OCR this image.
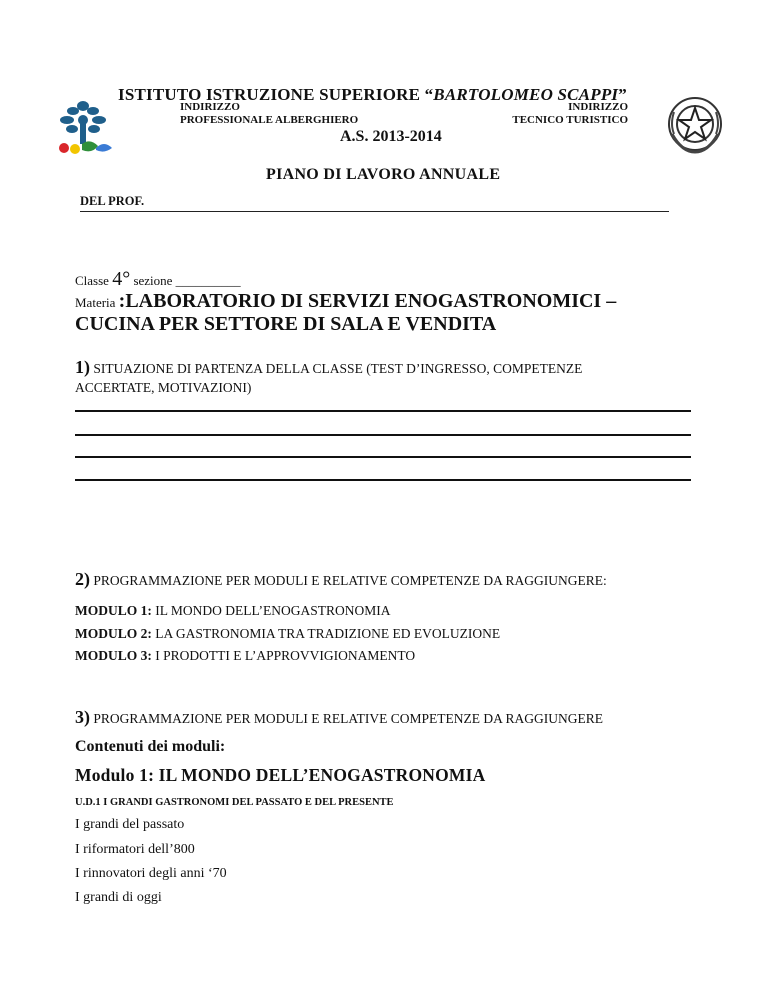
ISTITUTO ISTRUZIONE SUPERIORE “BARTOLOMEO SCAPPI”
INDIRIZZO
PROFESSIONALE ALBERGHIERO
INDIRIZZO
TECNICO TURISTICO
A.S. 2013-2014
PIANO DI LAVORO ANNUALE
DEL PROF.
Classe 4° sezione __________
Materia :LABORATORIO DI SERVIZI ENOGASTRONOMICI –
CUCINA PER SETTORE DI SALA E VENDITA
1) SITUAZIONE DI PARTENZA DELLA CLASSE (TEST D’INGRESSO, COMPETENZE
ACCERTATE, MOTIVAZIONI)
2) PROGRAMMAZIONE PER MODULI E RELATIVE COMPETENZE DA RAGGIUNGERE:
MODULO 1: IL MONDO DELL’ENOGASTRONOMIA
MODULO 2: LA GASTRONOMIA TRA TRADIZIONE ED EVOLUZIONE
MODULO 3: I PRODOTTI E L’APPROVVIGIONAMENTO
3) PROGRAMMAZIONE PER MODULI E RELATIVE COMPETENZE DA RAGGIUNGERE
Contenuti dei moduli:
Modulo 1: IL MONDO DELL’ENOGASTRONOMIA
U.D.1 I GRANDI GASTRONOMI DEL PASSATO E DEL PRESENTE
I grandi del passato
I riformatori dell’800
I rinnovatori degli anni ‘70
I grandi di oggi
